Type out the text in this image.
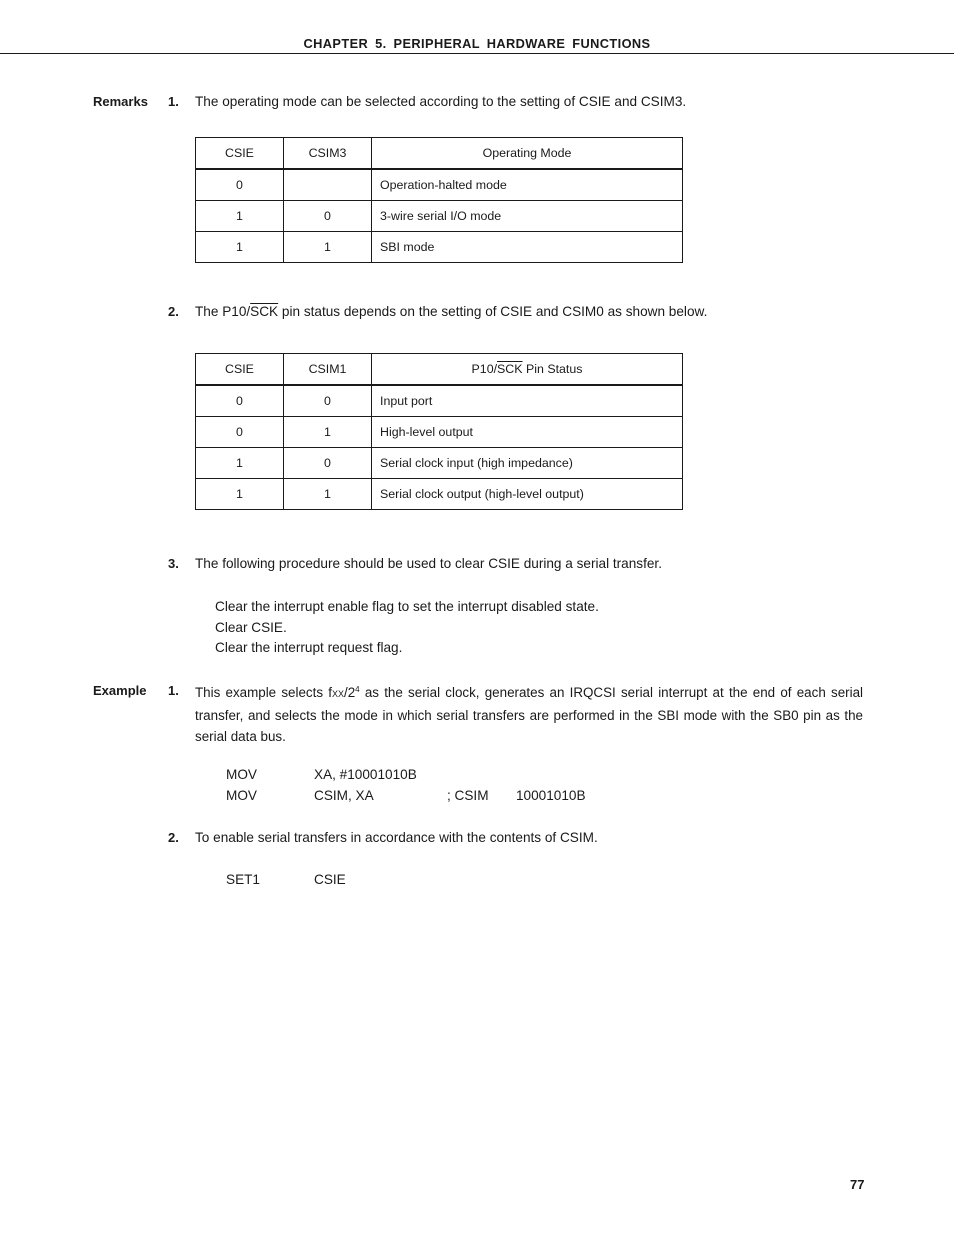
CHAPTER 5. PERIPHERAL HARDWARE FUNCTIONS
Remarks 1. The operating mode can be selected according to the setting of CSIE and CSIM3.
CSIE	CSIM3	Operating Mode
0		Operation-halted mode
1	0	3-wire serial I/O mode
1	1	SBI mode
2. The $P10/\overline{SCK}$ pin status depends on the setting of CSIE and CSIM0 as shown below.
CSIE	CSIM1	$P10/\overline{SCK}$ Pin Status
0	0	Input port
0	1	High-level output
1	0	Serial clock input (high impedance)
1	1	Serial clock output (high-level output)
3. The following procedure should be used to clear CSIE during a serial transfer.
Clear the interrupt enable flag to set the interrupt disabled state.
Clear CSIE.
Clear the interrupt request flag.
Example 1. This example selects fXX/$2^4$ as the serial clock, generates an IRQCSI serial interrupt at the end of each serial transfer, and selects the mode in which serial transfers are performed in the SBI mode with the SB0 pin as the serial data bus.
MOV	XA, #10001010B
MOV	CSIM, XA	; CSIM 10001010B
2. To enable serial transfers in accordance with the contents of CSIM.
SET1	CSIE
77
